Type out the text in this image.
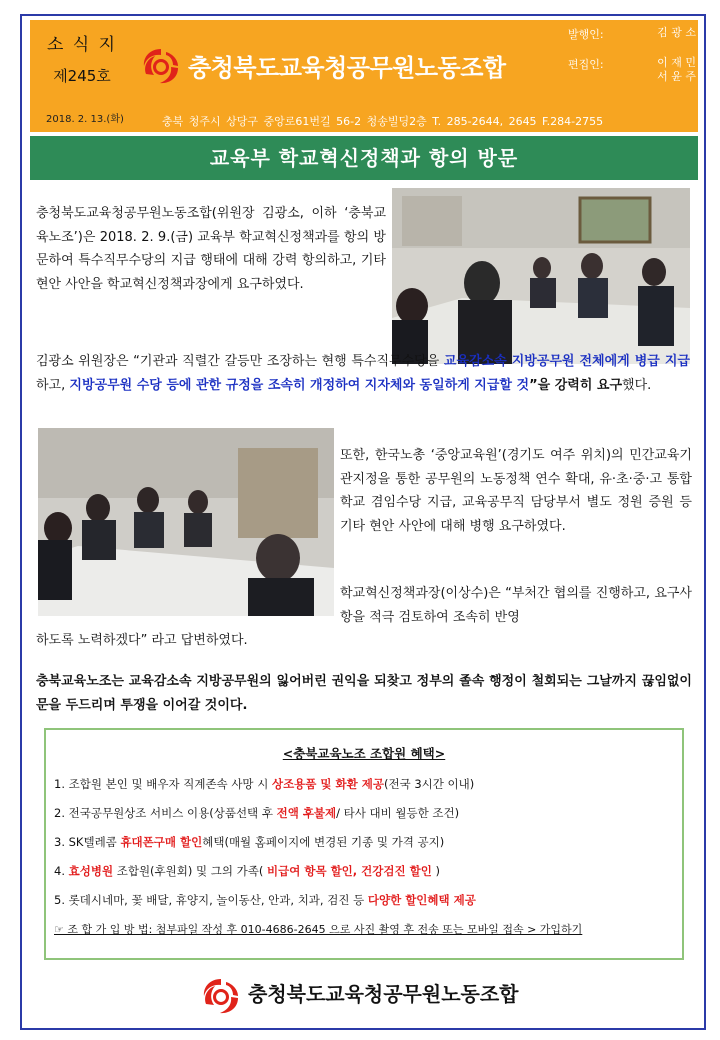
소 식 지
제245호
2018. 2. 13.(화)
충청북도교육청공무원노동조합
발행인:	김 광 소
편집인:	이 재 민
서 윤 주
충북 청주시 상당구 중앙로61번길 56-2 청송빌딩2층 T. 285-2644, 2645 F.284-2755
교육부 학교혁신정책과 항의 방문
충청북도교육청공무원노동조합(위원장 김광소, 이하 ‘충북교육노조’)은 2018. 2. 9.(금) 교육부 학교혁신정책과를 항의 방문하여 특수직무수당의 지급 행태에 대해 강력 항의하고, 기타 현안 사안을 학교혁신정책과장에게 요구하였다.
김광소 위원장은 “기관과 직렬간 갈등만 조장하는 현행 특수직무수당을 교육감소속 지방공무원 전체에게 병급 지급하고, 지방공무원 수당 등에 관한 규정을 조속히 개정하여 지자체와 동일하게 지급할 것”을 강력히 요구했다.
또한, 한국노총 ‘중앙교육원’(경기도 여주 위치)의 민간교육기관지정을 통한 공무원의 노동정책 연수 확대, 유·초·중·고 통합학교 겸임수당 지급, 교육공무직 담당부서 별도 정원 증원 등 기타 현안 사안에 대해 병행 요구하였다.
학교혁신정책과장(이상수)은 “부처간 협의를 진행하고, 요구사항을 적극 검토하여 조속히 반영
하도록 노력하겠다” 라고 답변하였다.
충북교육노조는 교육감소속 지방공무원의 잃어버린 권익을 되찾고 정부의 졸속 행정이 철회되는 그날까지 끊임없이 문을 두드리며 투쟁을 이어갈 것이다.
<충북교육노조 조합원 혜택>
1. 조합원 본인 및 배우자 직계존속 사망 시 상조용품 및 화환 제공(전국 3시간 이내)
2. 전국공무원상조 서비스 이용(상품선택 후 전액 후불제/ 타사 대비 월등한 조건)
3. SK텔레콤 휴대폰구매 할인혜택(매월 홈페이지에 변경된 기종 및 가격 공지)
4. 효성병원 조합원(후원회) 및 그의 가족( 비급여 항목 할인, 건강검진 할인 )
5. 롯데시네마, 꽃 배달, 휴양지, 놀이동산, 안과, 치과, 검진 등 다양한 할인혜택 제공
☞ 조 합 가 입 방 법: 첨부파일 작성 후 010-4686-2645 으로 사진 촬영 후 전송 또는 모바일 접속 > 가입하기
충청북도교육청공무원노동조합
